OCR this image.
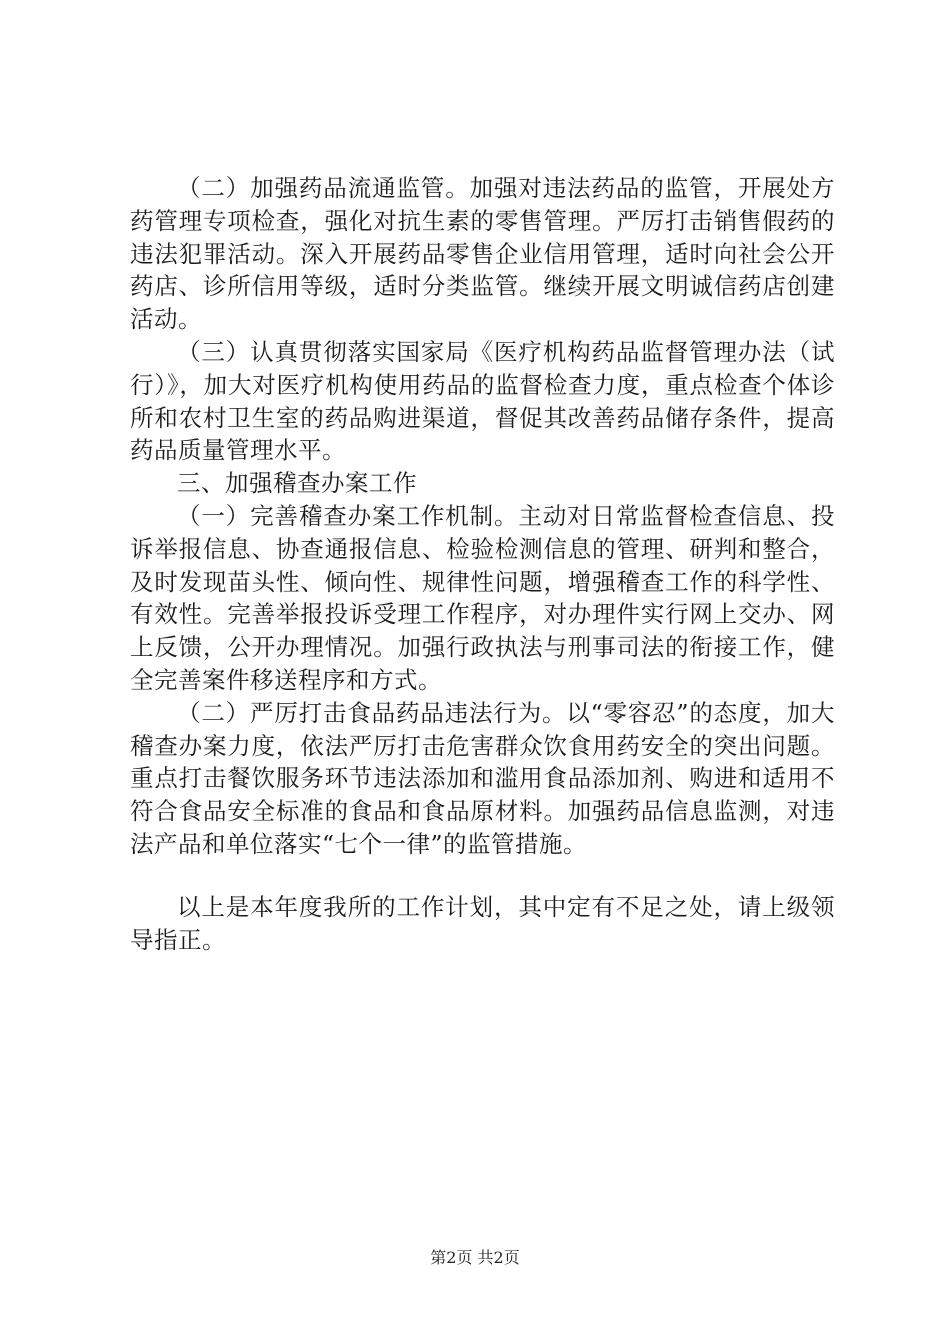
（二）加强药品流通监管。加强对违法药品的监管，开展处方药管理专项检查，强化对抗生素的零售管理。严厉打击销售假药的违法犯罪活动。深入开展药品零售企业信用管理，适时向社会公开药店、诊所信用等级，适时分类监管。继续开展文明诚信药店创建活动。

（三）认真贯彻落实国家局《医疗机构药品监督管理办法（试行）》，加大对医疗机构使用药品的监督检查力度，重点检查个体诊所和农村卫生室的药品购进渠道，督促其改善药品储存条件，提高药品质量管理水平。

三、加强稽查办案工作

（一）完善稽查办案工作机制。主动对日常监督检查信息、投诉举报信息、协查通报信息、检验检测信息的管理、研判和整合，及时发现苗头性、倾向性、规律性问题，增强稽查工作的科学性、有效性。完善举报投诉受理工作程序，对办理件实行网上交办、网上反馈，公开办理情况。加强行政执法与刑事司法的衔接工作，健全完善案件移送程序和方式。

（二）严厉打击食品药品违法行为。以“零容忍”的态度，加大稽查办案力度，依法严厉打击危害群众饮食用药安全的突出问题。重点打击餐饮服务环节违法添加和滥用食品添加剂、购进和适用不符合食品安全标准的食品和食品原材料。加强药品信息监测，对违法产品和单位落实“七个一律”的监管措施。

以上是本年度我所的工作计划，其中定有不足之处，请上级领导指正。

第2页 共2页
